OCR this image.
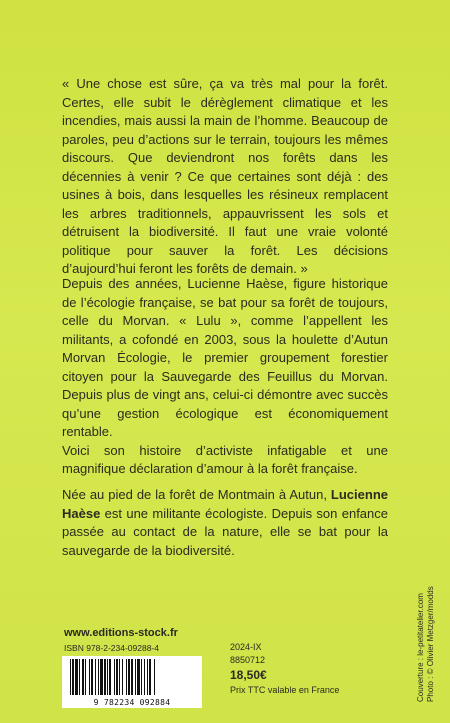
« Une chose est sûre, ça va très mal pour la forêt. Certes, elle subit le dérèglement climatique et les incendies, mais aussi la main de l’homme. Beaucoup de paroles, peu d’actions sur le terrain, toujours les mêmes discours. Que deviendront nos forêts dans les décennies à venir ? Ce que certaines sont déjà : des usines à bois, dans lesquelles les résineux remplacent les arbres traditionnels, appauvrissent les sols et détruisent la biodiversité. Il faut une vraie volonté politique pour sauver la forêt. Les décisions d’aujourd’hui feront les forêts de demain. »

Depuis des années, Lucienne Haèse, figure historique de l’écologie française, se bat pour sa forêt de toujours, celle du Morvan. « Lulu », comme l’appellent les militants, a cofondé en 2003, sous la houlette d’Autun Morvan Écologie, le premier groupement forestier citoyen pour la Sauvegarde des Feuillus du Morvan. Depuis plus de vingt ans, celui-ci démontre avec succès qu’une gestion écologique est économiquement rentable.

Voici son histoire d’activiste infatigable et une magnifique déclaration d’amour à la forêt française.

Née au pied de la forêt de Montmain à Autun, Lucienne Haèse est une militante écologiste. Depuis son enfance passée au contact de la nature, elle se bat pour la sauvegarde de la biodiversité.

www.editions-stock.fr
ISBN 978-2-234-09288-4
9 782234 092884
2024-IX
8850712
18,50€
Prix TTC valable en France	Couverture : le-petitatelier.com Photo : © Olivier Metzger/modds
